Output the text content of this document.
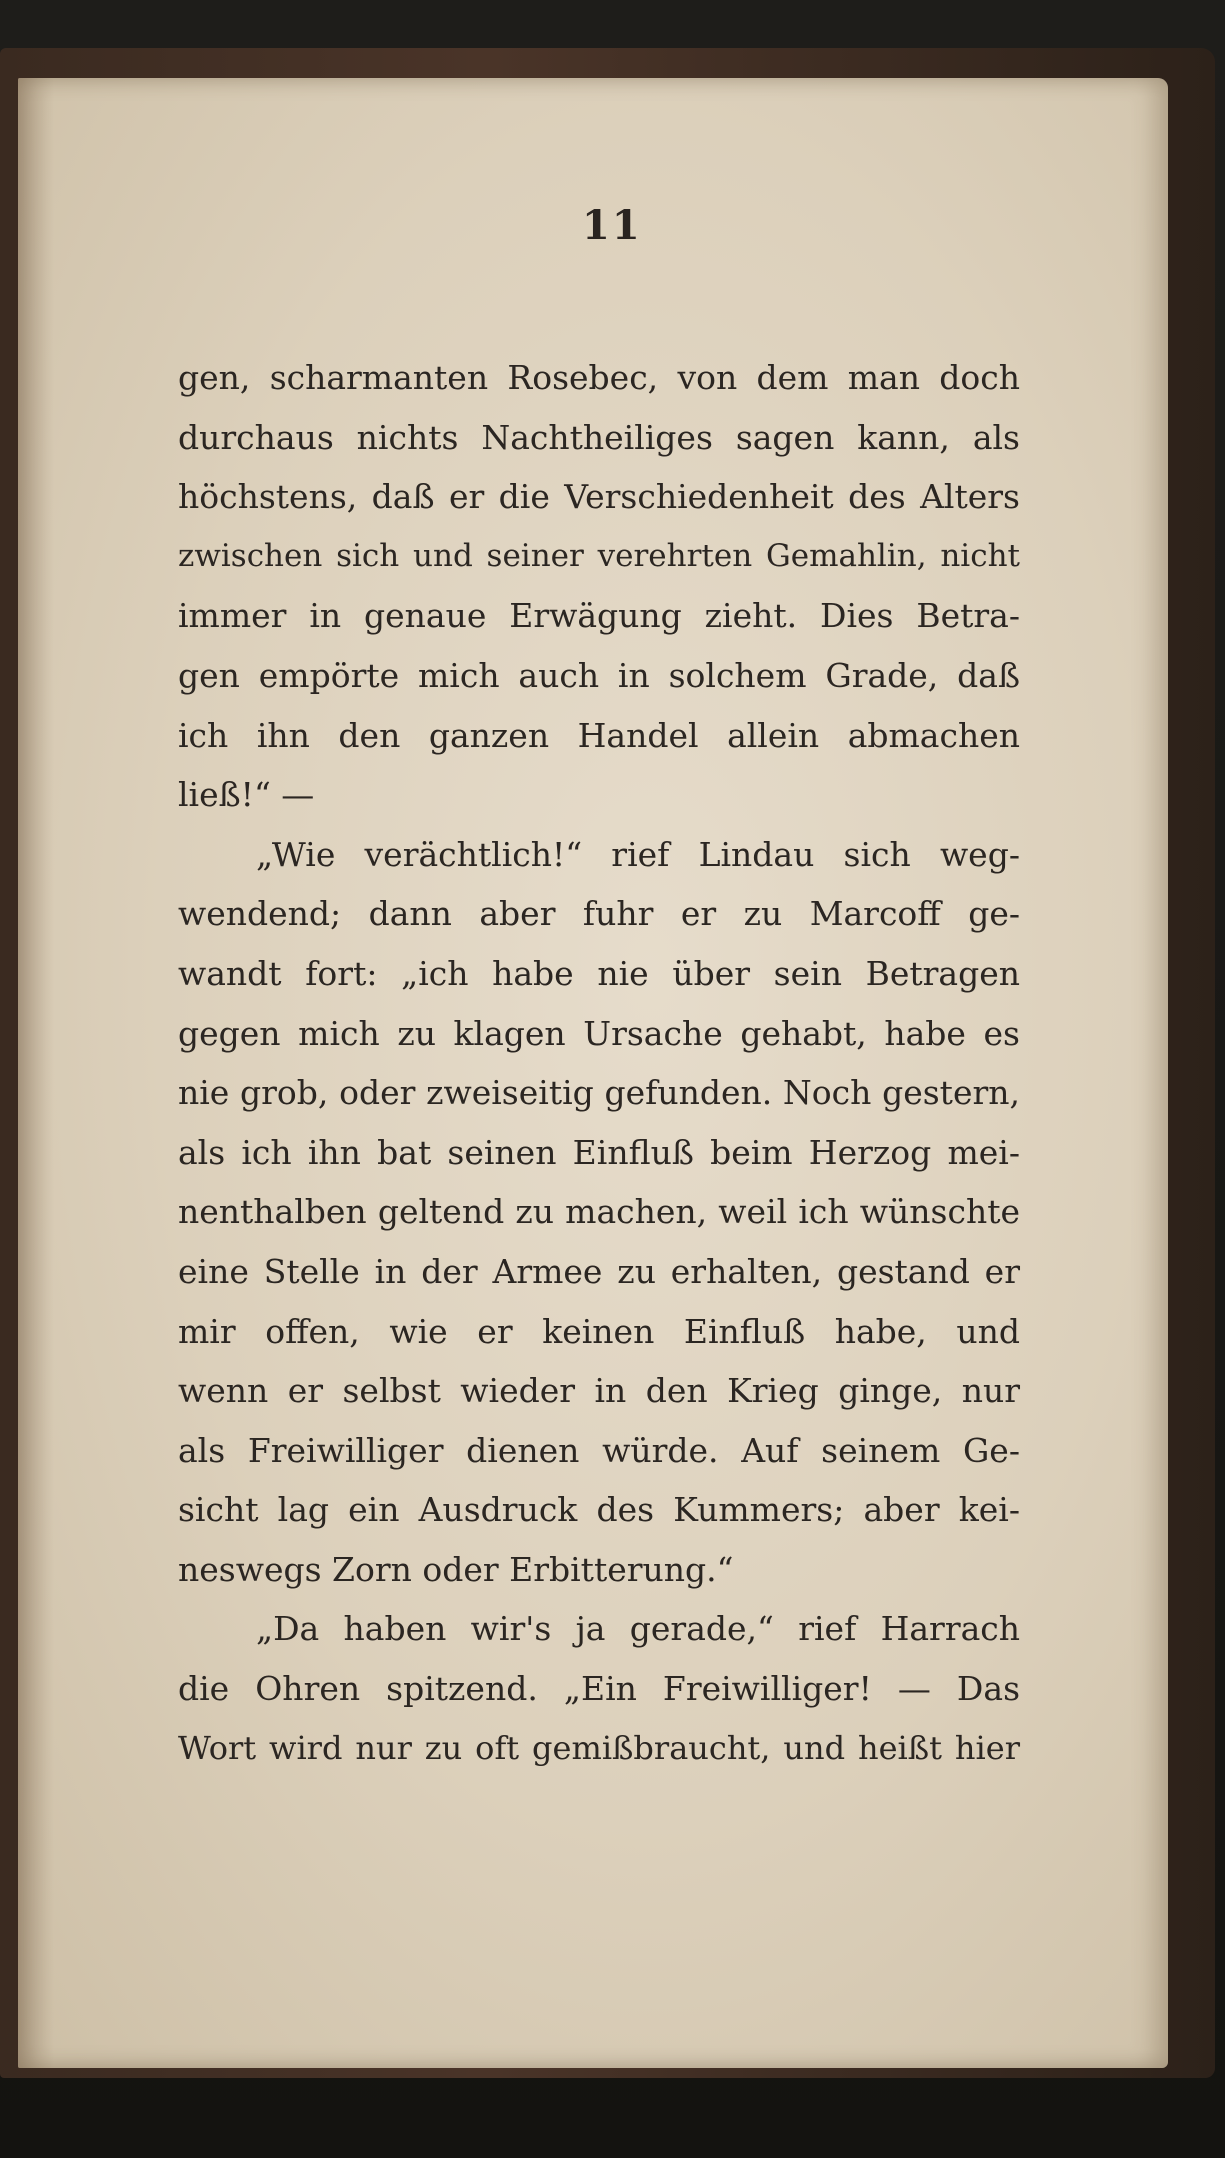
11
gen, scharmanten Rosebec, von dem man doch
durchaus nichts Nachtheiliges sagen kann, als
höchstens, daß er die Verschiedenheit des Alters
zwischen sich und seiner verehrten Gemahlin, nicht
immer in genaue Erwägung zieht. Dies Betra-
gen empörte mich auch in solchem Grade, daß
ich ihn den ganzen Handel allein abmachen
ließ!“ —
„Wie verächtlich!“ rief Lindau sich weg-
wendend; dann aber fuhr er zu Marcoff ge-
wandt fort: „ich habe nie über sein Betragen
gegen mich zu klagen Ursache gehabt, habe es
nie grob, oder zweiseitig gefunden. Noch gestern,
als ich ihn bat seinen Einfluß beim Herzog mei-
nenthalben geltend zu machen, weil ich wünschte
eine Stelle in der Armee zu erhalten, gestand er
mir offen, wie er keinen Einfluß habe, und
wenn er selbst wieder in den Krieg ginge, nur
als Freiwilliger dienen würde. Auf seinem Ge-
sicht lag ein Ausdruck des Kummers; aber kei-
neswegs Zorn oder Erbitterung.“
„Da haben wir's ja gerade,“ rief Harrach
die Ohren spitzend. „Ein Freiwilliger! — Das
Wort wird nur zu oft gemißbraucht, und heißt hier
